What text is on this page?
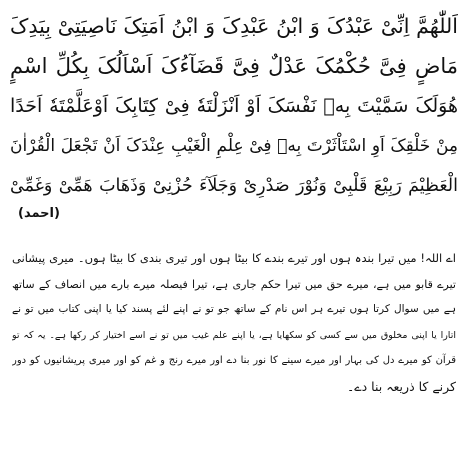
اَللّٰهُمَّ اِنِّیْ عَبْدُکَ وَ ابْنُ عَبْدِکَ وَ ابْنُ اَمَتِکَ نَاصِیَتِیْ بِیَدِکَ
مَاضٍ فِیَّ حُکْمُکَ عَدْلٌ فِیَّ قَضَآءُکَ اَسْاَلُکَ بِکُلِّ اسْمٍ
هُوَلَکَ سَمَّیْتَ بِهٖ نَفْسَکَ اَوْ اَنْزَلْتَهٗ فِیْ کِتَابِکَ اَوْعَلَّمْتَهٗ اَحَدًا
مِنْ خَلْقِکَ اَوِ اسْتَاْثَرْتَ بِهٖ فِیْ عِلْمِ الْغَیْبِ عِنْدَکَ اَنْ تَجْعَلَ الْقُرْاٰنَ
الْعَظِیْمَ رَبِیْعَ قَلْبِیْ وَنُوْرَ صَدْرِیْ وَجَلَآءَ حُزْنِیْ وَذَهَابَ هَمِّیْ وَغَمِّیْ
(احمد)
اے اللہ! میں تیرا بندہ ہوں اور تیرے بندے کا بیٹا ہوں اور تیری بندی کا بیٹا ہوں۔ میری پیشانی
تیرے قابو میں ہے، میرے حق میں تیرا حکم جاری ہے، تیرا فیصلہ میرے بارے میں انصاف کے ساتھ
ہے میں سوال کرتا ہوں تیرے ہر اس نام کے ساتھ جو تو نے اپنے لئے پسند کیا یا اپنی کتاب میں تو نے
اتارا یا اپنی مخلوق میں سے کسی کو سکھایا ہے، یا اپنے علم غیب میں تو نے اسے اختیار کر رکھا ہے۔ یہ کہ تو
قرآن کو میرے دل کی بہار اور میرے سینے کا نور بنا دے اور میرے رنج و غم کو اور میری پریشانیوں کو دور
کرنے کا ذریعہ بنا دے۔
